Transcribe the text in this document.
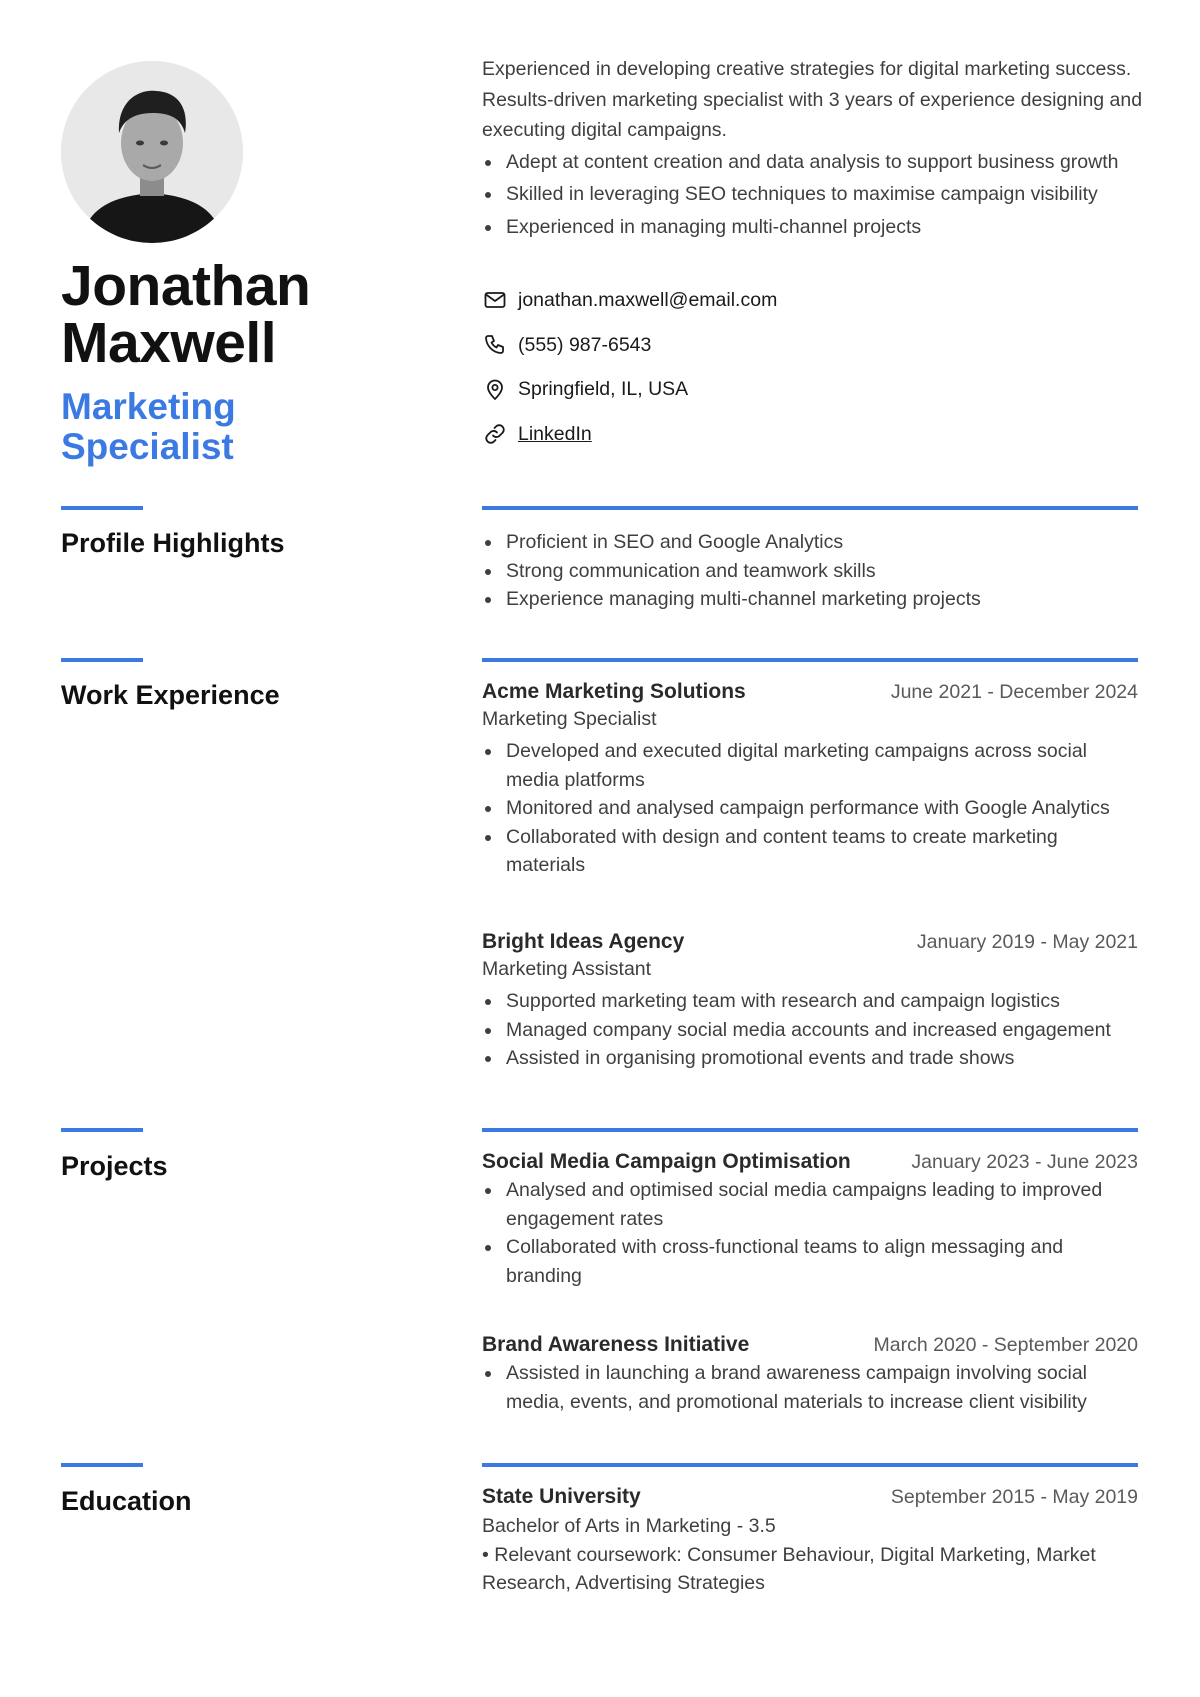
Jonathan
Maxwell
Marketing
Specialist

Experienced in developing creative strategies for digital marketing success. Results-driven marketing specialist with 3 years of experience designing and executing digital campaigns.

Adept at content creation and data analysis to support business growth
Skilled in leveraging SEO techniques to maximise campaign visibility
Experienced in managing multi-channel projects
jonathan.maxwell@email.com
(555) 987-6543
Springfield, IL, USA
LinkedIn
Profile Highlights	Proficient in SEO and Google Analytics
Strong communication and teamwork skills
Experience managing multi-channel marketing projects
Work Experience	Acme Marketing Solutions	June 2021 - December 2024
Marketing Specialist
Developed and executed digital marketing campaigns across social media platforms
Monitored and analysed campaign performance with Google Analytics
Collaborated with design and content teams to create marketing materials
Bright Ideas Agency	January 2019 - May 2021
Marketing Assistant
Supported marketing team with research and campaign logistics
Managed company social media accounts and increased engagement
Assisted in organising promotional events and trade shows
Projects	Social Media Campaign Optimisation	January 2023 - June 2023
Analysed and optimised social media campaigns leading to improved engagement rates
Collaborated with cross-functional teams to align messaging and branding
Brand Awareness Initiative	March 2020 - September 2020
Assisted in launching a brand awareness campaign involving social media, events, and promotional materials to increase client visibility
Education	State University	September 2015 - May 2019

Bachelor of Arts in Marketing - 3.5

• Relevant coursework: Consumer Behaviour, Digital Marketing, Market Research, Advertising Strategies
